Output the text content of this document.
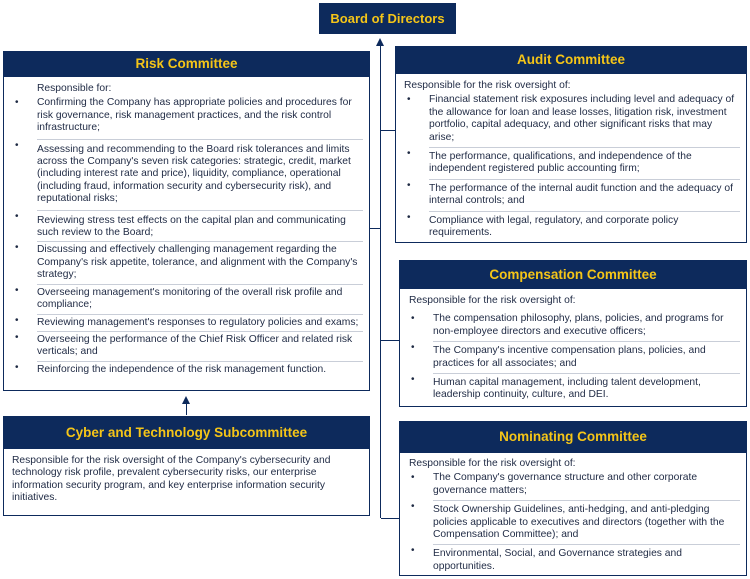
Board of Directors
Risk Committee

Responsible for:

• Confirming the Company has appropriate policies and procedures for risk governance, risk management practices, and the risk control infrastructure;
• Assessing and recommending to the Board risk tolerances and limits across the Company's seven risk categories: strategic, credit, market (including interest rate and price), liquidity, compliance, operational (including fraud, information security and cybersecurity risk), and reputational risks;
• Reviewing stress test effects on the capital plan and communicating such review to the Board;
• Discussing and effectively challenging management regarding the Company's risk appetite, tolerance, and alignment with the Company's strategy;
• Overseeing management's monitoring of the overall risk profile and compliance;
• Reviewing management's responses to regulatory policies and exams;
• Overseeing the performance of the Chief Risk Officer and related risk verticals; and
• Reinforcing the independence of the risk management function.
Cyber and Technology Subcommittee

Responsible for the risk oversight of the Company's cybersecurity and technology risk profile, prevalent cybersecurity risks, our enterprise information security program, and key enterprise information security initiatives.

Audit Committee

Responsible for the risk oversight of:

• Financial statement risk exposures including level and adequacy of the allowance for loan and lease losses, litigation risk, investment portfolio, capital adequacy, and other significant risks that may arise;
• The performance, qualifications, and independence of the independent registered public accounting firm;
• The performance of the internal audit function and the adequacy of internal controls; and
• Compliance with legal, regulatory, and corporate policy requirements.
Compensation Committee

Responsible for the risk oversight of:

• The compensation philosophy, plans, policies, and programs for non-employee directors and executive officers;
• The Company's incentive compensation plans, policies, and practices for all associates; and
• Human capital management, including talent development, leadership continuity, culture, and DEI.
Nominating Committee

Responsible for the risk oversight of:

• The Company's governance structure and other corporate governance matters;
• Stock Ownership Guidelines, anti-hedging, and anti-pledging policies applicable to executives and directors (together with the Compensation Committee); and
• Environmental, Social, and Governance strategies and opportunities.
